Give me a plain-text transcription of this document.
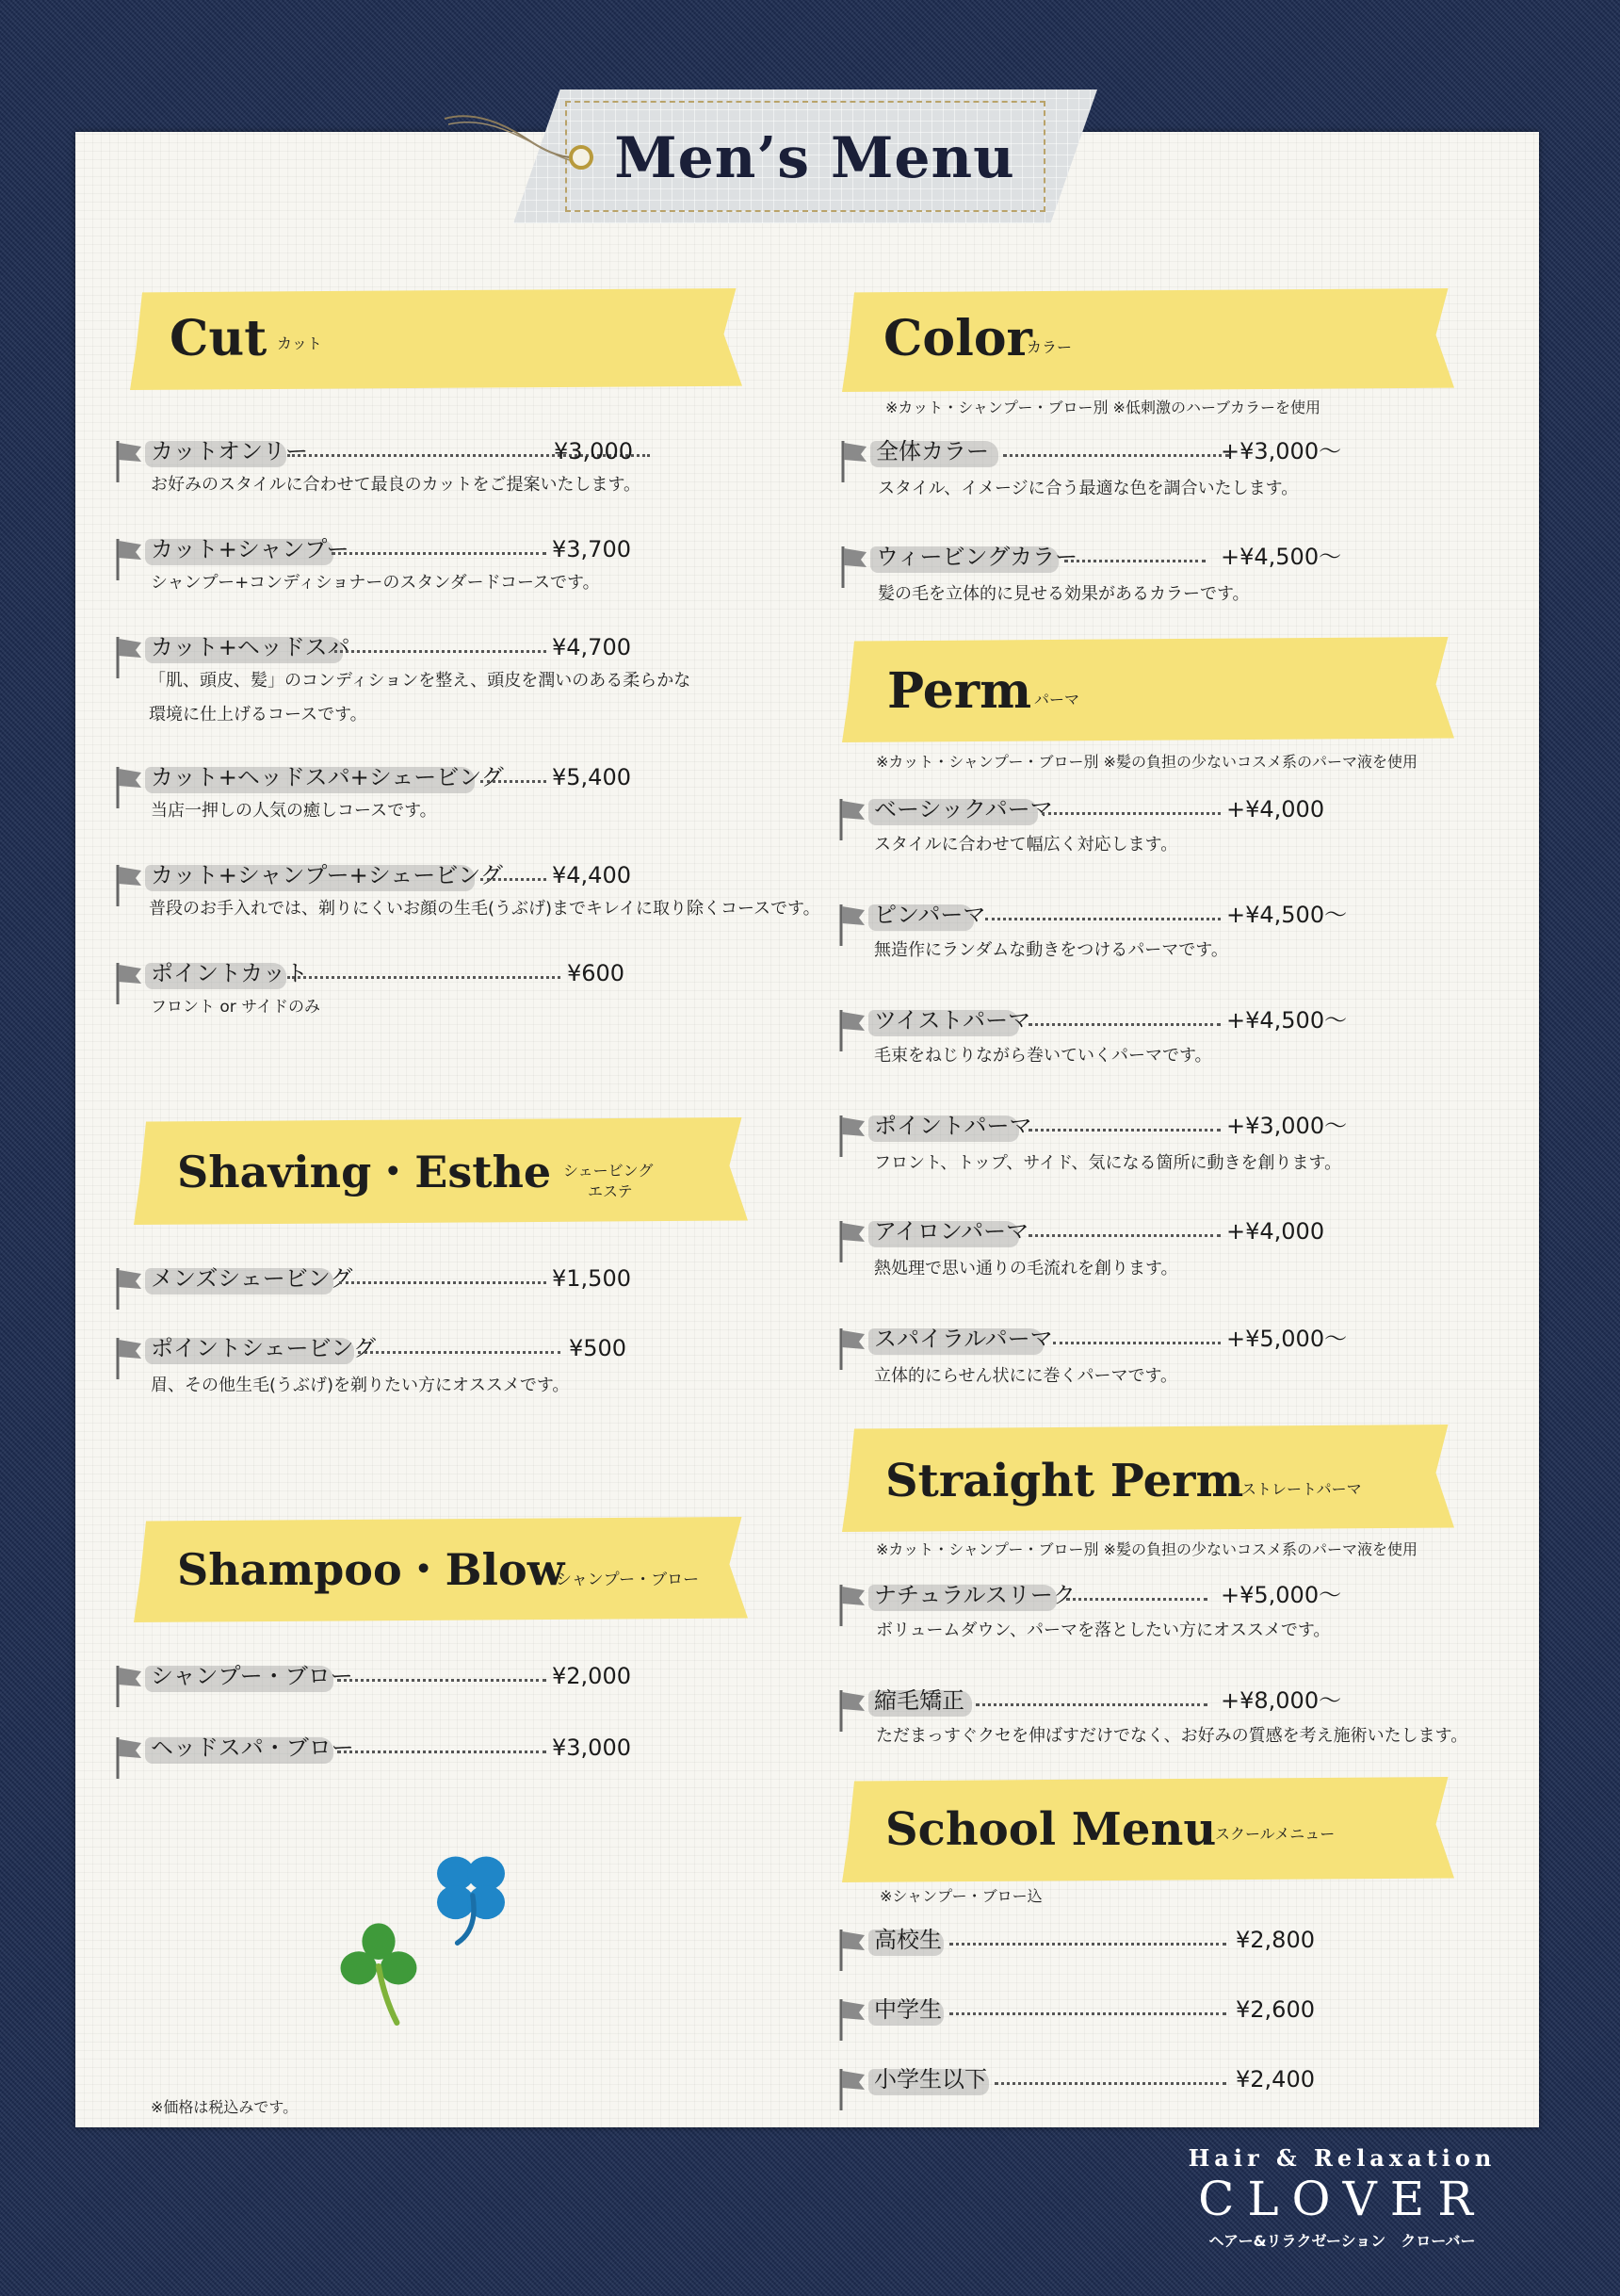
Men’s Menu
Cut カット
カットオンリー	¥3,000
お好みのスタイルに合わせて最良のカットをご提案いたします。
カット+シャンプー	¥3,700
シャンプー+コンディショナーのスタンダードコースです。
カット+ヘッドスパ	¥4,700
「肌、頭皮、髪」のコンディションを整え、頭皮を潤いのある柔らかな
環境に仕上げるコースです。
カット+ヘッドスパ+シェービング ¥5,400
当店一押しの人気の癒しコースです。
カット+シャンプー+シェービング ¥4,400
普段のお手入れでは、剃りにくいお顔の生毛(うぶげ)までキレイに取り除くコースです。
ポイントカット	¥600
フロント or サイドのみ
Shaving・Esthe シェービング
エステ
メンズシェービング	¥1,500
ポイントシェービング	¥500
眉、その他生毛(うぶげ)を剃りたい方にオススメです。
Shampoo・Blow
シャンプー・ブロー
シャンプー・ブロー	¥2,000
ヘッドスパ・ブロー	¥3,000
※価格は税込みです。
Color
カラー
※カット・シャンプー・ブロー別 ※低刺激のハーブカラーを使用
全体カラー	+¥3,000〜
スタイル、イメージに合う最適な色を調合いたします。
ウィービングカラー	+¥4,500〜
髪の毛を立体的に見せる効果があるカラーです。
Perm パーマ
※カット・シャンプー・ブロー別 ※髪の負担の少ないコスメ系のパーマ液を使用
ベーシックパーマ	+¥4,000
スタイルに合わせて幅広く対応します。
ピンパーマ	+¥4,500〜
無造作にランダムな動きをつけるパーマです。
ツイストパーマ	+¥4,500〜
毛束をねじりながら巻いていくパーマです。
ポイントパーマ	+¥3,000〜
フロント、トップ、サイド、気になる箇所に動きを創ります。
アイロンパーマ	+¥4,000
熱処理で思い通りの毛流れを創ります。
スパイラルパーマ	+¥5,000〜
立体的にらせん状にに巻くパーマです。
Straight Perm
ストレートパーマ
※カット・シャンプー・ブロー別 ※髪の負担の少ないコスメ系のパーマ液を使用
ナチュラルスリーク	+¥5,000〜
ボリュームダウン、パーマを落としたい方にオススメです。
縮毛矯正	+¥8,000〜
ただまっすぐクセを伸ばすだけでなく、お好みの質感を考え施術いたします。
School Menu
スクールメニュー
※シャンプー・ブロー込
高校生	¥2,800
中学生	¥2,600
小学生以下	¥2,400
Hair & Relaxation
CLOVER
ヘアー&リラクゼーション　クローバー
